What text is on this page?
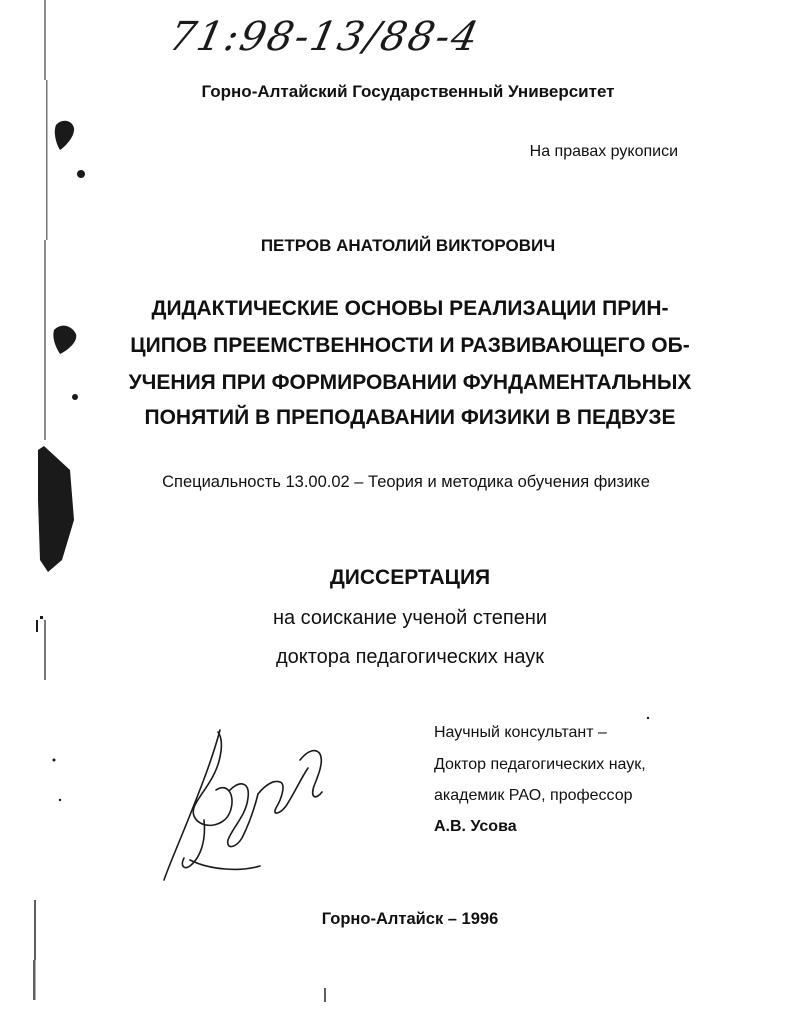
71:98-13/88-4
Горно-Алтайский Государственный Университет
На правах рукописи
ПЕТРОВ АНАТОЛИЙ ВИКТОРОВИЧ
ДИДАКТИЧЕСКИЕ ОСНОВЫ РЕАЛИЗАЦИИ ПРИН-
ЦИПОВ ПРЕЕМСТВЕННОСТИ И РАЗВИВАЮЩЕГО ОБ-
УЧЕНИЯ ПРИ ФОРМИРОВАНИИ ФУНДАМЕНТАЛЬНЫХ
ПОНЯТИЙ В ПРЕПОДАВАНИИ ФИЗИКИ В ПЕДВУЗЕ
Специальность 13.00.02 – Теория и методика обучения физике
ДИССЕРТАЦИЯ
на соискание ученой степени
доктора педагогических наук
Научный консультант –
Доктор педагогических наук,
академик РАО, профессор
А.В. Усова
Горно-Алтайск – 1996
